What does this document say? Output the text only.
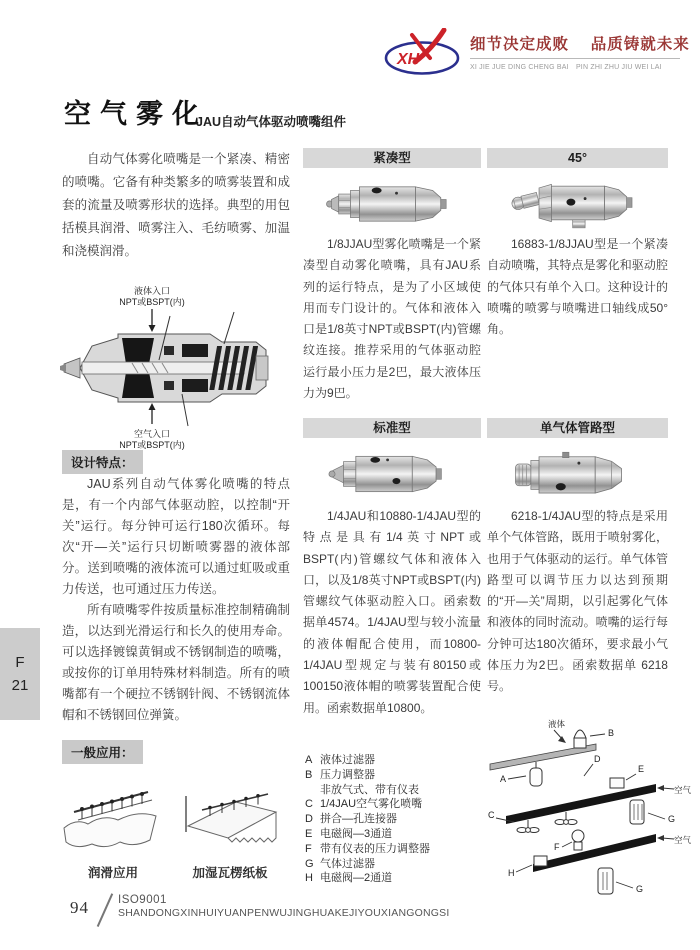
XH
细节决定成败　 品质铸就未来
XI JIE JUE DING CHENG BAI　PIN ZHI ZHU JIU WEI LAI
空气雾化
JAU自动气体驱动喷嘴组件
自动气体雾化喷嘴是一个紧凑、精密的喷嘴。它备有种类繁多的喷雾装置和成套的流量及喷雾形状的选择。典型的用包括模具润滑、喷雾注入、毛纺喷雾、加温和浇模润滑。
液体入口
NPT或BSPT(内)
空气入口
NPT或BSPT(内)
设计特点：

JAU系列自动气体雾化喷嘴的特点是，有一个内部气体驱动腔，以控制“开关”运行。每分钟可运行180次循环。每次“开—关”运行只切断喷雾器的液体部分。送到喷嘴的液体流可以通过虹吸或重力传送，也可通过压力传送。

所有喷嘴零件按质量标准控制精确制造，以达到光滑运行和长久的使用寿命。可以选择镀镍黄铜或不锈钢制造的喷嘴，或按你的订单用特殊材料制造。所有的喷嘴都有一个硬拉不锈钢针阀、不锈钢流体帽和不锈钢回位弹簧。

一般应用：
润滑应用	加湿瓦楞纸板
紧凑型
1/8JJAU型雾化喷嘴是一个紧凑型自动雾化喷嘴，具有JAU系列的运行特点，是为了小区域使用而专门设计的。气体和液体入口是1/8英寸NPT或BSPT(内)管螺纹连接。推荐采用的气体驱动腔运行最小压力是2巴，最大液体压力为9巴。
标准型
1/4JAU和10880-1/4JAU型的特点是具有1/4英寸NPT或BSPT(内)管螺纹气体和液体入口，以及1/8英寸NPT或BSPT(内)管螺纹气体驱动腔入口。函索数据单4574。1/4JAU型与较小流量的液体帽配合使用，而10800-1/4JAU型规定与装有80150或100150液体帽的喷雾装置配合使用。函索数据单10800。
45°
16883-1/8JJAU型是一个紧凑自动喷嘴，其特点是雾化和驱动腔的气体只有单个入口。这种设计的喷嘴的喷雾与喷嘴进口轴线成50°角。
单气体管路型
6218-1/4JAU型的特点是采用单个气体管路，既用于喷射雾化，也用于气体驱动的运行。单气体管路型可以调节压力以达到预期的“开—关”周期，以引起雾化气体和液体的同时流动。喷嘴的运行每分钟可达180次循环，要求最小气体压力为2巴。函索数据单 6218号。
A 液体过滤器
B 压力调整器
非放气式、带有仪表
C 1/4JAU空气雾化喷嘴
D 拼合—孔连接器
E 电磁阀—3通道
F 带有仪表的压力调整器
G 气体过滤器
H 电磁阀—2通道
液体
B
A
D
E
C
空气
G
F
空气
H
G
F
21
94	ISO9001
SHANDONGXINHUIYUANPENWUJINGHUAKEJIYOUXIANGONGSI
